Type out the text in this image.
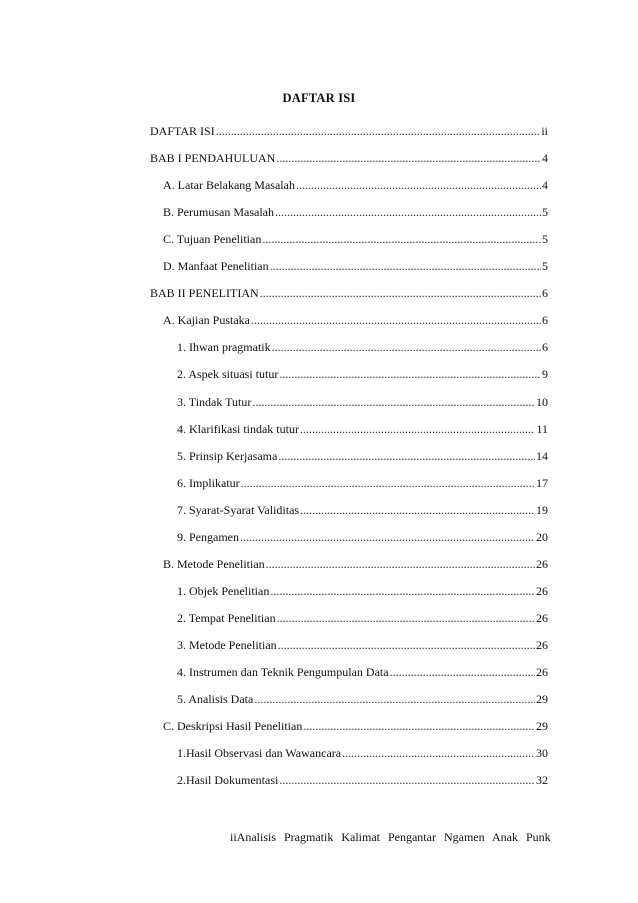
DAFTAR ISI
DAFTAR ISI .....	ii
BAB I PENDAHULUAN .....	4
A. Latar Belakang Masalah .....	4
B. Perumusan Masalah .....	5
C. Tujuan Penelitian .....	5
D. Manfaat Penelitian .....	5
BAB II PENELITIAN .....	6
A. Kajian Pustaka .....	6
1. Ihwan pragmatik .....	6
2. Aspek situasi tutur .....	9
3. Tindak Tutur .....	10
4. Klarifikasi tindak tutur .....	11
5. Prinsip Kerjasama .....	14
6. Implikatur .....	17
7. Syarat-Syarat Validitas .....	19
9. Pengamen .....	20
B. Metode Penelitian .....	26
1. Objek Penelitian .....	26
2. Tempat Penelitian .....	26
3. Metode Penelitian .....	26
4. Instrumen dan Teknik Pengumpulan Data .....	26
5. Analisis Data .....	29
C. Deskripsi Hasil Penelitian .....	29
1. Hasil Observasi dan Wawancara .....	30
2. Hasil Dokumentasi .....	32
iiAnalisis Pragmatik Kalimat Pengantar Ngamen Anak Punk
